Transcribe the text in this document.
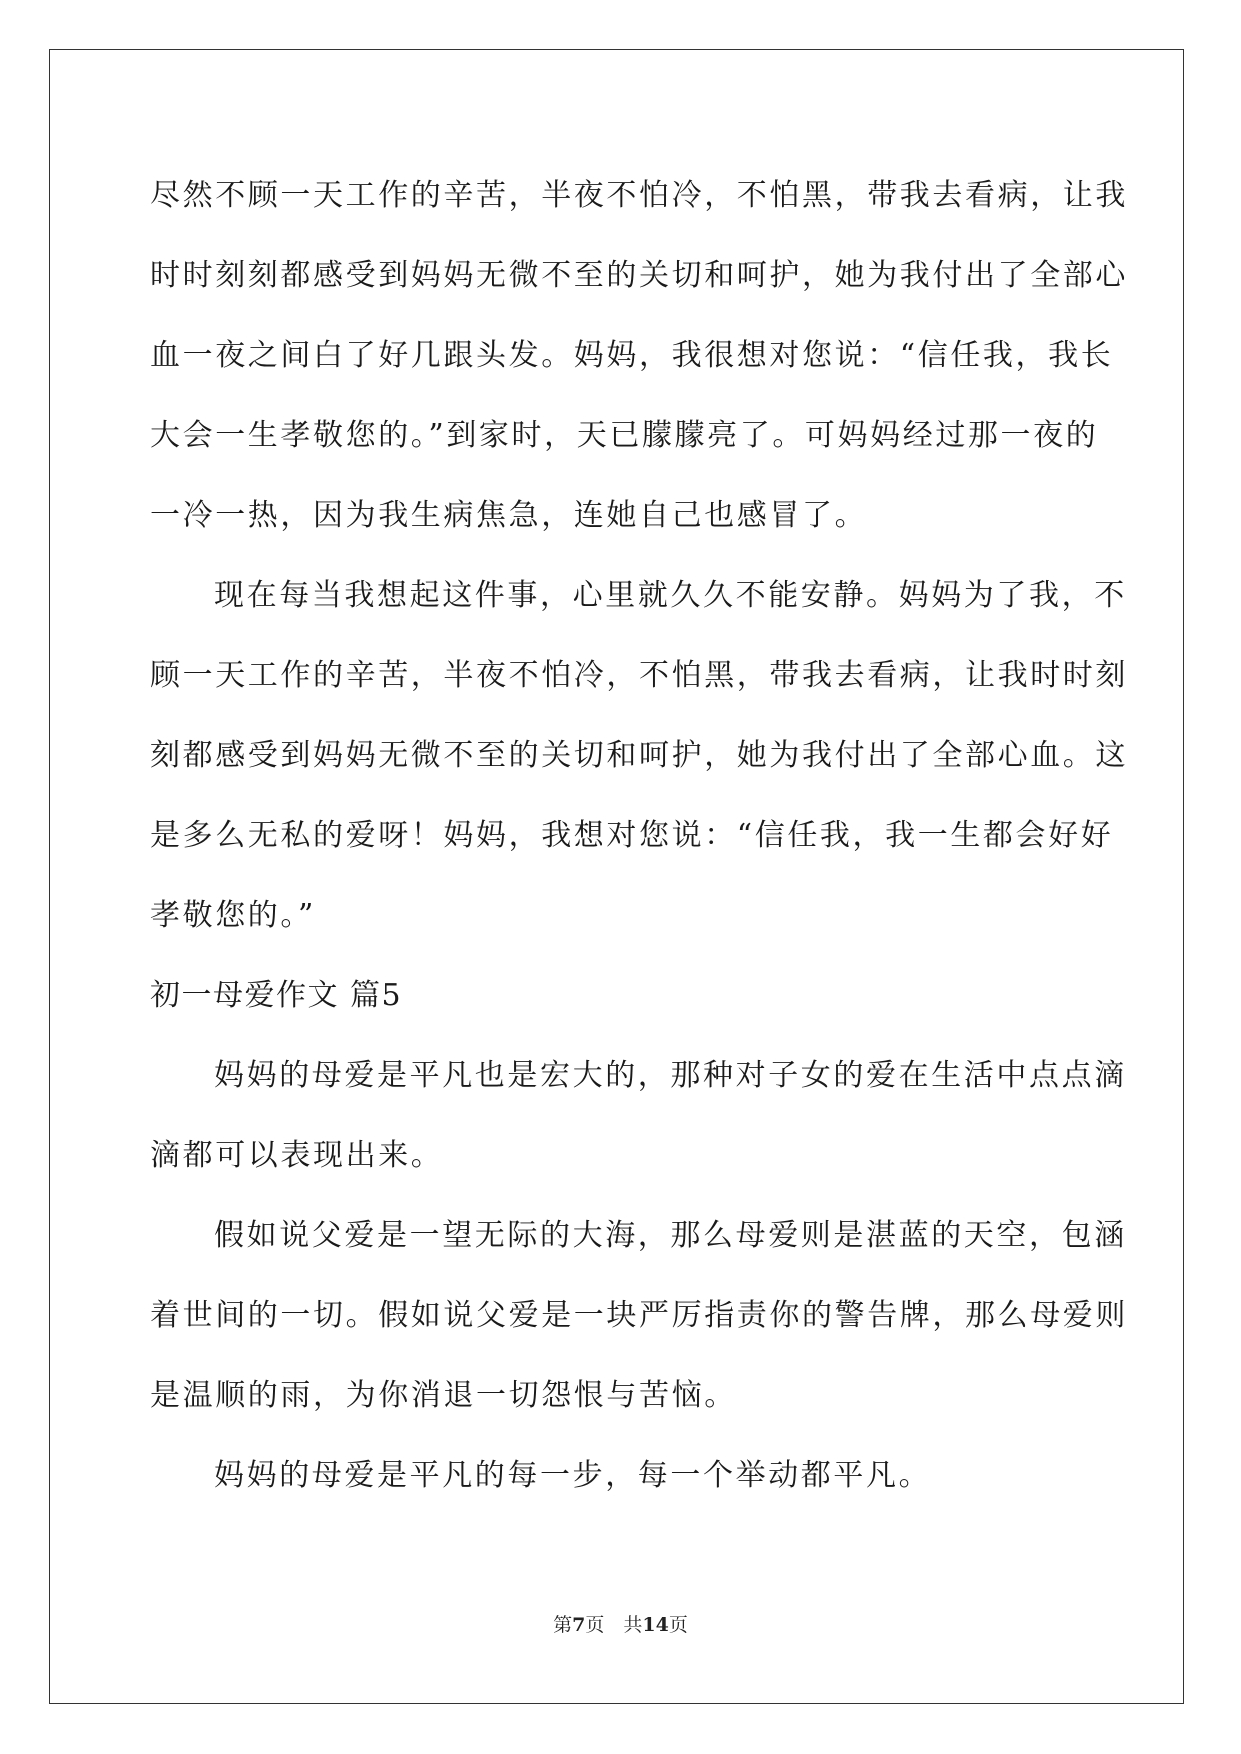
尽然不顾一天工作的辛苦，半夜不怕冷，不怕黑，带我去看病，让我
时时刻刻都感受到妈妈无微不至的关切和呵护，她为我付出了全部心
血一夜之间白了好几跟头发。妈妈，我很想对您说：“信任我，我长
大会一生孝敬您的。”到家时，天已朦朦亮了。可妈妈经过那一夜的
一冷一热，因为我生病焦急，连她自己也感冒了。
现在每当我想起这件事，心里就久久不能安静。妈妈为了我，不
顾一天工作的辛苦，半夜不怕冷，不怕黑，带我去看病，让我时时刻
刻都感受到妈妈无微不至的关切和呵护，她为我付出了全部心血。这
是多么无私的爱呀！妈妈，我想对您说：“信任我，我一生都会好好
孝敬您的。”
初一母爱作文 篇5
妈妈的母爱是平凡也是宏大的，那种对子女的爱在生活中点点滴
滴都可以表现出来。
假如说父爱是一望无际的大海，那么母爱则是湛蓝的天空，包涵
着世间的一切。假如说父爱是一块严厉指责你的警告牌，那么母爱则
是温顺的雨，为你消退一切怨恨与苦恼。
妈妈的母爱是平凡的每一步，每一个举动都平凡。
第7页　共14页
